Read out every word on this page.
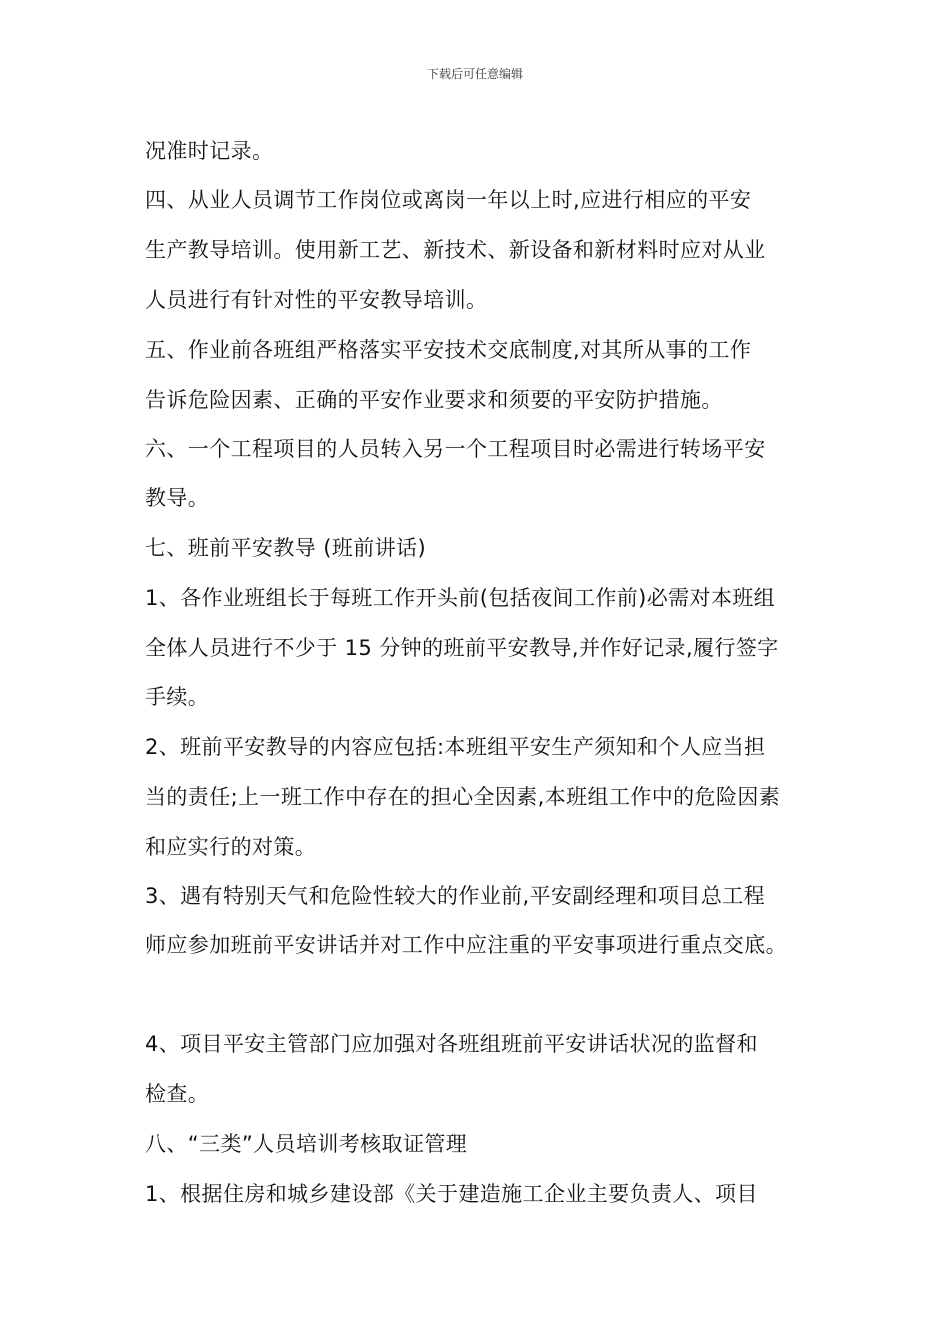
下载后可任意编辑
况准时记录。
四、从业人员调节工作岗位或离岗一年以上时,应进行相应的平安
生产教导培训。使用新工艺、新技术、新设备和新材料时应对从业
人员进行有针对性的平安教导培训。
五、作业前各班组严格落实平安技术交底制度,对其所从事的工作
告诉危险因素、正确的平安作业要求和须要的平安防护措施。
六、一个工程项目的人员转入另一个工程项目时必需进行转场平安
教导。
七、班前平安教导 (班前讲话)
1、各作业班组长于每班工作开头前(包括夜间工作前)必需对本班组
全体人员进行不少于 15 分钟的班前平安教导,并作好记录,履行签字
手续。
2、班前平安教导的内容应包括:本班组平安生产须知和个人应当担
当的责任;上一班工作中存在的担心全因素,本班组工作中的危险因素
和应实行的对策。
3、遇有特别天气和危险性较大的作业前,平安副经理和项目总工程
师应参加班前平安讲话并对工作中应注重的平安事项进行重点交底。
4、项目平安主管部门应加强对各班组班前平安讲话状况的监督和
检查。
八、“三类”人员培训考核取证管理
1、根据住房和城乡建设部《关于建造施工企业主要负责人、项目
